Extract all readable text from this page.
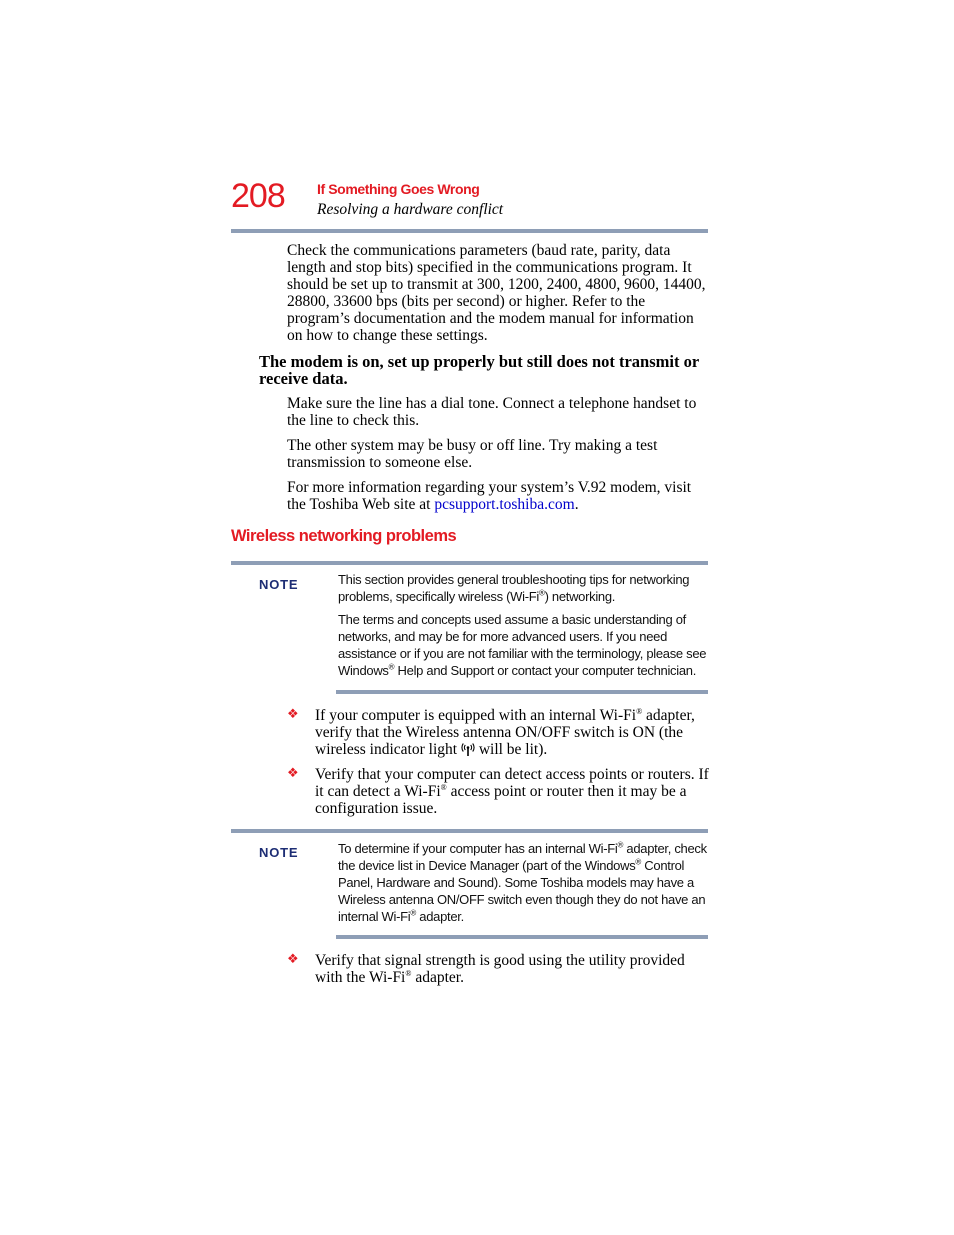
208 If Something Goes Wrong
Resolving a hardware conflict
Check the communications parameters (baud rate, parity, data length and stop bits) specified in the communications program. It should be set up to transmit at 300, 1200, 2400, 4800, 9600, 14400, 28800, 33600 bps (bits per second) or higher. Refer to the program’s documentation and the modem manual for information on how to change these settings.
The modem is on, set up properly but still does not transmit or receive data.
Make sure the line has a dial tone. Connect a telephone handset to the line to check this.
The other system may be busy or off line. Try making a test transmission to someone else.
For more information regarding your system’s V.92 modem, visit the Toshiba Web site at pcsupport.toshiba.com.
Wireless networking problems
NOTE	This section provides general troubleshooting tips for networking problems, specifically wireless (Wi-Fi®) networking.

The terms and concepts used assume a basic understanding of networks, and may be for more advanced users. If you need assistance or if you are not familiar with the terminology, please see Windows® Help and Support or contact your computer technician.

❖ If your computer is equipped with an internal Wi-Fi® adapter, verify that the Wireless antenna ON/OFF switch is ON (the wireless indicator light  will be lit).
❖ Verify that your computer can detect access points or routers. If it can detect a Wi-Fi® access point or router then it may be a configuration issue.
NOTE	To determine if your computer has an internal Wi-Fi® adapter, check the device list in Device Manager (part of the Windows® Control Panel, Hardware and Sound). Some Toshiba models may have a Wireless antenna ON/OFF switch even though they do not have an internal Wi-Fi® adapter.

❖ Verify that signal strength is good using the utility provided with the Wi-Fi® adapter.
